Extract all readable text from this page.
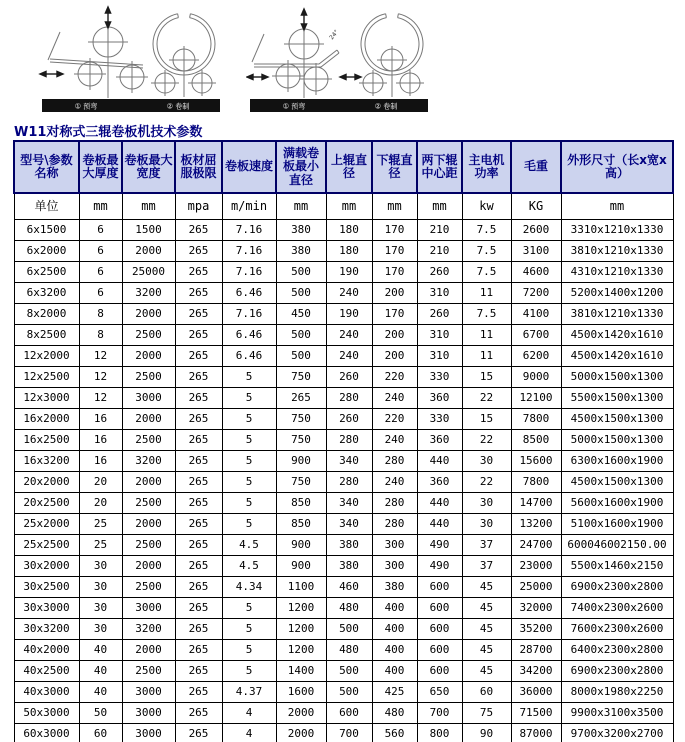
① 预弯	② 卷制
24°
① 预弯	② 卷制
W11对称式三辊卷板机技术参数
型号\参数名称	卷板最大厚度	卷板最大宽度	板材屈服极限	卷板速度	满载卷板最小直径	上辊直径	下辊直径	两下辊中心距	主电机功率	毛重	外形尺寸（长x宽x高）
单位	mm	mm	mpa	m/min	mm	mm	mm	mm	kw	KG	mm
6x1500	6	1500	265	7.16	380	180	170	210	7.5	2600	3310x1210x1330
6x2000	6	2000	265	7.16	380	180	170	210	7.5	3100	3810x1210x1330
6x2500	6	25000	265	7.16	500	190	170	260	7.5	4600	4310x1210x1330
6x3200	6	3200	265	6.46	500	240	200	310	11	7200	5200x1400x1200
8x2000	8	2000	265	7.16	450	190	170	260	7.5	4100	3810x1210x1330
8x2500	8	2500	265	6.46	500	240	200	310	11	6700	4500x1420x1610
12x2000	12	2000	265	6.46	500	240	200	310	11	6200	4500x1420x1610
12x2500	12	2500	265	5	750	260	220	330	15	9000	5000x1500x1300
12x3000	12	3000	265	5	265	280	240	360	22	12100	5500x1500x1300
16x2000	16	2000	265	5	750	260	220	330	15	7800	4500x1500x1300
16x2500	16	2500	265	5	750	280	240	360	22	8500	5000x1500x1300
16x3200	16	3200	265	5	900	340	280	440	30	15600	6300x1600x1900
20x2000	20	2000	265	5	750	280	240	360	22	7800	4500x1500x1300
20x2500	20	2500	265	5	850	340	280	440	30	14700	5600x1600x1900
25x2000	25	2000	265	5	850	340	280	440	30	13200	5100x1600x1900
25x2500	25	2500	265	4.5	900	380	300	490	37	24700	600046002150.00
30x2000	30	2000	265	4.5	900	380	300	490	37	23000	5500x1460x2150
30x2500	30	2500	265	4.34	1100	460	380	600	45	25000	6900x2300x2800
30x3000	30	3000	265	5	1200	480	400	600	45	32000	7400x2300x2600
30x3200	30	3200	265	5	1200	500	400	600	45	35200	7600x2300x2600
40x2000	40	2000	265	5	1200	480	400	600	45	28700	6400x2300x2800
40x2500	40	2500	265	5	1400	500	400	600	45	34200	6900x2300x2800
40x3000	40	3000	265	4.37	1600	500	425	650	60	36000	8000x1980x2250
50x3000	50	3000	265	4	2000	600	480	700	75	71500	9900x3100x3500
60x3000	60	3000	265	4	2000	700	560	800	90	87000	9700x3200x2700
